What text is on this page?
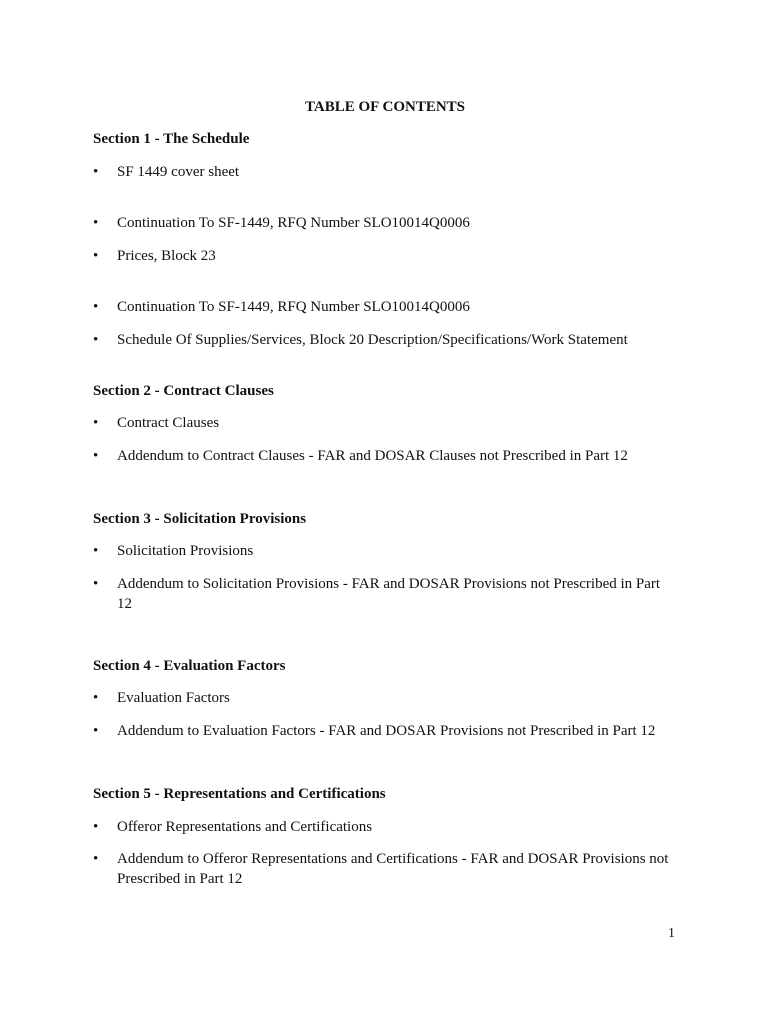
TABLE OF CONTENTS
Section 1 - The Schedule
•	SF 1449 cover sheet
•	Continuation To SF-1449, RFQ Number SLO10014Q0006
•	Prices, Block 23
•	Continuation To SF-1449, RFQ Number SLO10014Q0006
•	Schedule Of Supplies/Services, Block 20 Description/Specifications/Work Statement
Section 2 - Contract Clauses
•	Contract Clauses
•	Addendum to Contract Clauses - FAR and DOSAR Clauses not Prescribed in Part 12
Section 3 - Solicitation Provisions
•	Solicitation Provisions
•	Addendum to Solicitation Provisions - FAR and DOSAR Provisions not Prescribed in Part 12
Section 4 - Evaluation Factors
•	Evaluation Factors
•	Addendum to Evaluation Factors - FAR and DOSAR Provisions not Prescribed in Part 12
Section 5 - Representations and Certifications
•	Offeror Representations and Certifications
•	Addendum to Offeror Representations and Certifications - FAR and DOSAR Provisions not Prescribed in Part 12
1
